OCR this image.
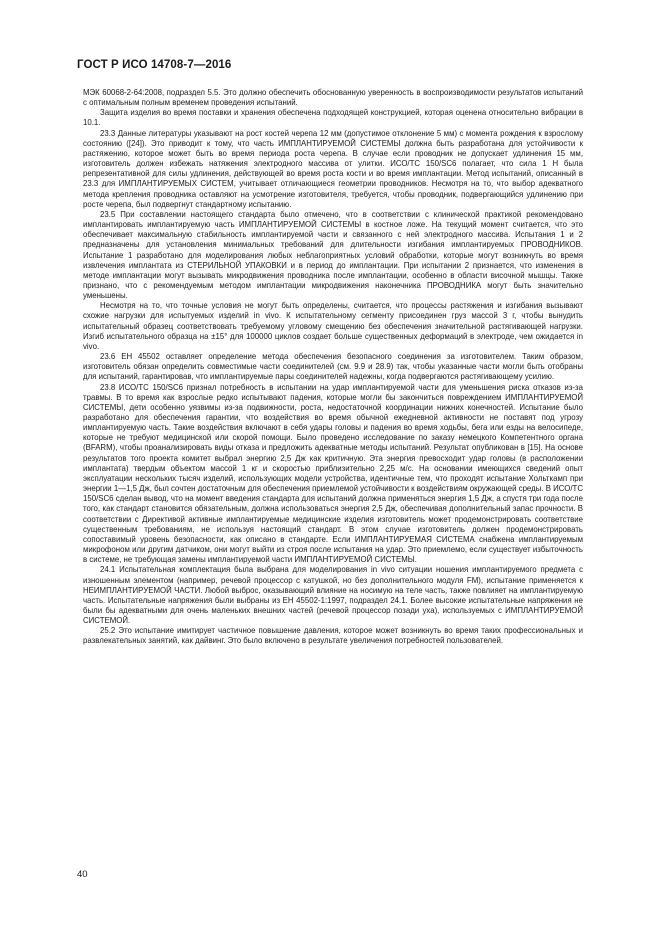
ГОСТ Р ИСО 14708-7—2016

МЭК 60068-2-64:2008, подраздел 5.5. Это должно обеспечить обоснованную уверенность в воспроизводимости результатов испытаний с оптимальным полным временем проведения испытаний.

Защита изделия во время поставки и хранения обеспечена подходящей конструкцией, которая оценена относительно вибрации в 10.1.

23.3 Данные литературы указывают на рост костей черепа 12 мм (допустимое отклонение 5 мм) с момента рождения к взрослому состоянию ([24]). Это приводит к тому, что часть ИМПЛАНТИРУЕМОЙ СИСТЕМЫ должна быть разработана для устойчивости к растяжению, которое может быть во время периода роста черепа. В случае если проводник не допускает удлинения 15 мм, изготовитель должен избежать натяжения электродного массива от улитки. ИСО/ТС 150/SC6 полагает, что сила 1 Н была репрезентативной для силы удлинения, действующей во время роста кости и во время имплантации. Метод испытаний, описанный в 23.3 для ИМПЛАНТИРУЕМЫХ СИСТЕМ, учитывает отличающиеся геометрии проводников. Несмотря на то, что выбор адекватного метода крепления проводника оставляют на усмотрение изготовителя, требуется, чтобы проводник, подвергающийся удлинению при росте черепа, был подвергнут стандартному испытанию.

23.5 При составлении настоящего стандарта было отмечено, что в соответствии с клинической практикой рекомендовано имплантировать имплантируемую часть ИМПЛАНТИРУЕМОЙ СИСТЕМЫ в костное ложе. На текущий момент считается, что это обеспечивает максимальную стабильность имплантируемой части и связанного с ней электродного массива. Испытания 1 и 2 предназначены для установления минимальных требований для длительности изгибания имплантируемых ПРОВОДНИКОВ. Испытание 1 разработано для моделирования любых неблагоприятных условий обработки, которые могут возникнуть во время извлечения имплантата из СТЕРИЛЬНОЙ УПАКОВКИ и в период до имплантации. При испытании 2 признается, что изменения в методе имплантации могут вызывать микродвижения проводника после имплантации, особенно в области височной мышцы. Также признано, что с рекомендуемым методом имплантации микродвижения наконечника ПРОВОДНИКА могут быть значительно уменьшены.

Несмотря на то, что точные условия не могут быть определены, считается, что процессы растяжения и изгибания вызывают схожие нагрузки для испытуемых изделий in vivo. К испытательному сегменту присоединен груз массой 3 г, чтобы вынудить испытательный образец соответствовать требуемому угловому смещению без обеспечения значительной растягивающей нагрузки. Изгиб испытательного образца на ±15° для 100000 циклов создает больше существенных деформаций в электроде, чем ожидается in vivo.

23.6 ЕН 45502 оставляет определение метода обеспечения безопасного соединения за изготовителем. Таким образом, изготовитель обязан определить совместимые части соединителей (см. 9.9 и 28.9) так, чтобы указанные части могли быть отобраны для испытаний, гарантировав, что имплантируемые пары соединителей надежны, когда подвергаются растягивающему усилию.

23.8 ИСО/ТС 150/SC6 признал потребность в испытании на удар имплантируемой части для уменьшения риска отказов из-за травмы. В то время как взрослые редко испытывают падения, которые могли бы закончиться повреждением ИМПЛАНТИРУЕМОЙ СИСТЕМЫ, дети особенно уязвимы из-за подвижности, роста, недостаточной координации нижних конечностей. Испытание было разработано для обеспечения гарантии, что воздействия во время обычной ежедневной активности не поставят под угрозу имплантируемую часть. Такие воздействия включают в себя удары головы и падения во время ходьбы, бега или езды на велосипеде, которые не требуют медицинской или скорой помощи. Было проведено исследование по заказу немецкого Компетентного органа (BFARM), чтобы проанализировать виды отказа и предложить адекватные методы испытаний. Результат опубликован в [15]. На основе результатов того проекта комитет выбрал энергию 2,5 Дж как критичную. Эта энергия превосходит удар головы (в расположении имплантата) твердым объектом массой 1 кг и скоростью приблизительно 2,25 м/с. На основании имеющихся сведений опыт эксплуатации нескольких тысяч изделий, использующих модели устройства, идентичные тем, что проходят испытание Хольткамп при энергии 1—1,5 Дж, был сочтен достаточным для обеспечения приемлемой устойчивости к воздействиям окружающей среды. В ИСО/ТС 150/SC6 сделан вывод, что на момент введения стандарта для испытаний должна применяться энергия 1,5 Дж, а спустя три года после того, как стандарт становится обязательным, должна использоваться энергия 2,5 Дж, обеспечивая дополнительный запас прочности. В соответствии с Директивой активные имплантируемые медицинские изделия изготовитель может продемонстрировать соответствие существенным требованиям, не используя настоящий стандарт. В этом случае изготовитель должен продемонстрировать сопоставимый уровень безопасности, как описано в стандарте. Если ИМПЛАНТИРУЕМАЯ СИСТЕМА снабжена имплантируемым микрофоном или другим датчиком, они могут выйти из строя после испытания на удар. Это приемлемо, если существует избыточность в системе, не требующая замены имплантируемой части ИМПЛАНТИРУЕМОЙ СИСТЕМЫ.

24.1 Испытательная комплектация была выбрана для моделирования in vivo ситуации ношения имплантируемого предмета с изношенным элементом (например, речевой процессор с катушкой, но без дополнительного модуля FM), испытание применяется к НЕИМПЛАНТИРУЕМОЙ ЧАСТИ. Любой выброс, оказывающий влияние на носимую на теле часть, также повлияет на имплантируемую часть. Испытательные напряжения были выбраны из ЕН 45502-1:1997, подраздел 24.1. Более высокие испытательные напряжения не были бы адекватными для очень маленьких внешних частей (речевой процессор позади уха), используемых с ИМПЛАНТИРУЕМОЙ СИСТЕМОЙ.

25.2 Это испытание имитирует частичное повышение давления, которое может возникнуть во время таких профессиональных и развлекательных занятий, как дайвинг. Это было включено в результате увеличения потребностей пользователей.

40
